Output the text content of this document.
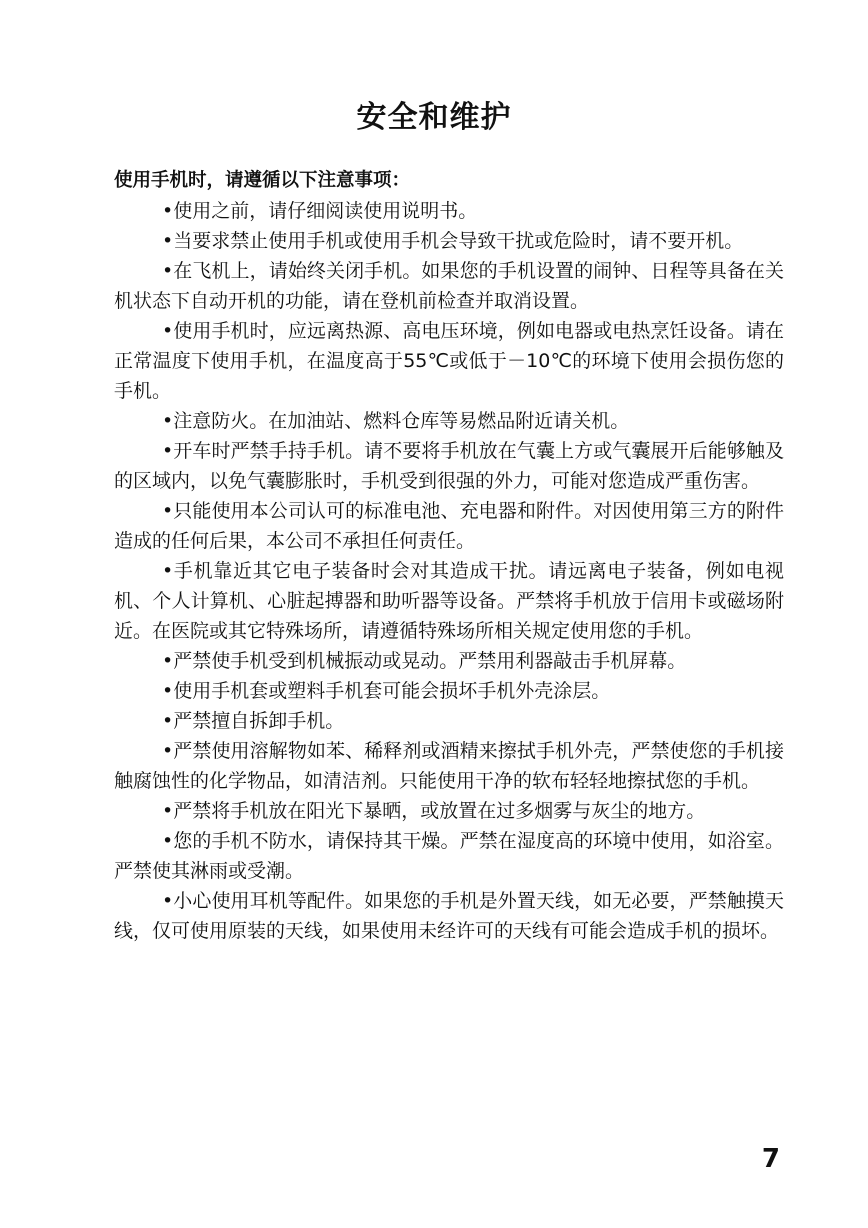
安全和维护

使用手机时，请遵循以下注意事项：

•使用之前，请仔细阅读使用说明书。
•当要求禁止使用手机或使用手机会导致干扰或危险时，请不要开机。
•在飞机上，请始终关闭手机。如果您的手机设置的闹钟、日程等具备在关机状态下自动开机的功能，请在登机前检查并取消设置。
•使用手机时，应远离热源、高电压环境，例如电器或电热烹饪设备。请在正常温度下使用手机，在温度高于55℃或低于－10℃的环境下使用会损伤您的手机。
•注意防火。在加油站、燃料仓库等易燃品附近请关机。
•开车时严禁手持手机。请不要将手机放在气囊上方或气囊展开后能够触及的区域内，以免气囊膨胀时，手机受到很强的外力，可能对您造成严重伤害。
•只能使用本公司认可的标准电池、充电器和附件。对因使用第三方的附件造成的任何后果，本公司不承担任何责任。
•手机靠近其它电子装备时会对其造成干扰。请远离电子装备，例如电视机、个人计算机、心脏起搏器和助听器等设备。严禁将手机放于信用卡或磁场附近。在医院或其它特殊场所，请遵循特殊场所相关规定使用您的手机。
•严禁使手机受到机械振动或晃动。严禁用利器敲击手机屏幕。
•使用手机套或塑料手机套可能会损坏手机外壳涂层。
•严禁擅自拆卸手机。
•严禁使用溶解物如苯、稀释剂或酒精来擦拭手机外壳，严禁使您的手机接触腐蚀性的化学物品，如清洁剂。只能使用干净的软布轻轻地擦拭您的手机。
•严禁将手机放在阳光下暴晒，或放置在过多烟雾与灰尘的地方。
•您的手机不防水，请保持其干燥。严禁在湿度高的环境中使用，如浴室。严禁使其淋雨或受潮。
•小心使用耳机等配件。如果您的手机是外置天线，如无必要，严禁触摸天线，仅可使用原装的天线，如果使用未经许可的天线有可能会造成手机的损坏。
7
